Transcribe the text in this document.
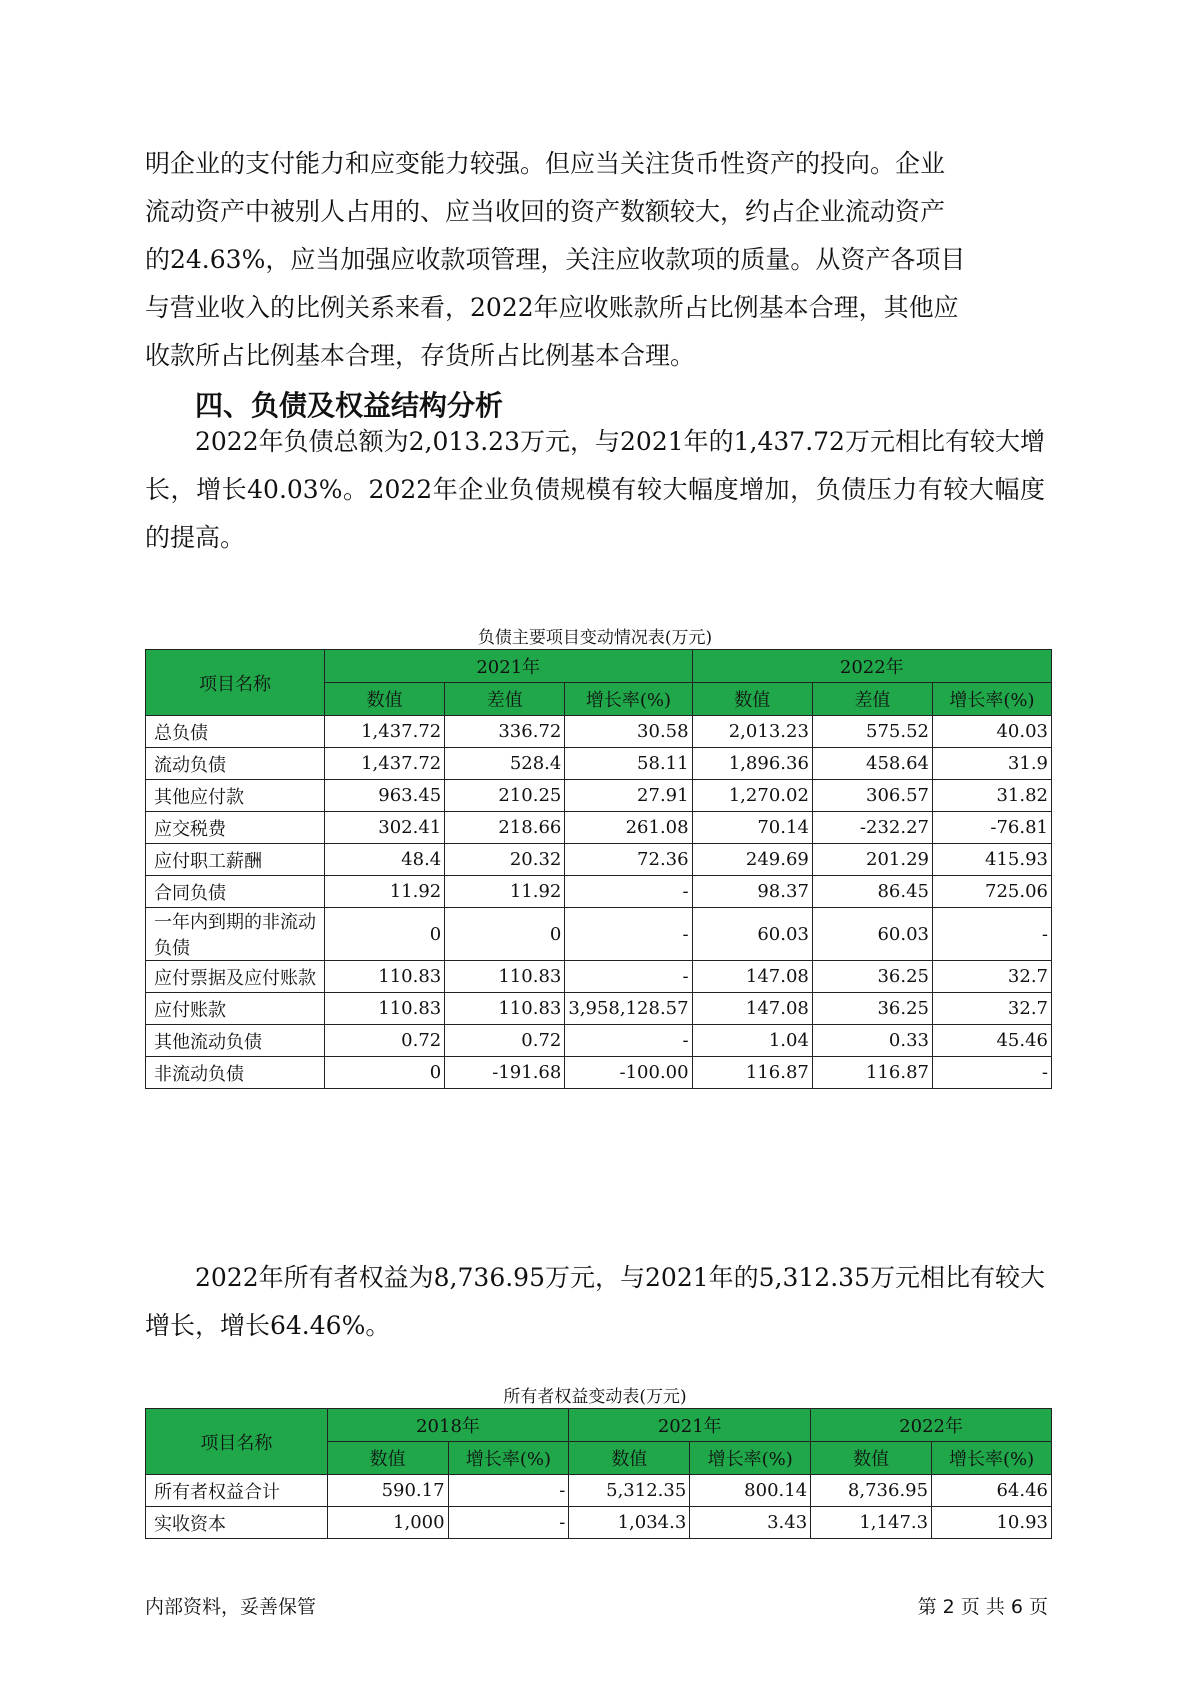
明企业的支付能力和应变能力较强。但应当关注货币性资产的投向。企业

流动资产中被别人占用的、应当收回的资产数额较大，约占企业流动资产

的24.63%，应当加强应收款项管理，关注应收款项的质量。从资产各项目

与营业收入的比例关系来看，2022年应收账款所占比例基本合理，其他应

收款所占比例基本合理，存货所占比例基本合理。

四、负债及权益结构分析

2022年负债总额为2,013.23万元，与2021年的1,437.72万元相比有较大增长，增长40.03%。2022年企业负债规模有较大幅度增加，负债压力有较大幅度的提高。

负债主要项目变动情况表(万元)
项目名称	2021年			2022年		
	数值	差值	增长率(%)	数值	差值	增长率(%)
总负债	1,437.72	336.72	30.58	2,013.23	575.52	40.03
流动负债	1,437.72	528.4	58.11	1,896.36	458.64	31.9
其他应付款	963.45	210.25	27.91	1,270.02	306.57	31.82
应交税费	302.41	218.66	261.08	70.14	-232.27	-76.81
应付职工薪酬	48.4	20.32	72.36	249.69	201.29	415.93
合同负债	11.92	11.92	-	98.37	86.45	725.06
一年内到期的非流动负债	0	0	-	60.03	60.03	-
应付票据及应付账款	110.83	110.83	-	147.08	36.25	32.7
应付账款	110.83	110.83	3,958,128.57	147.08	36.25	32.7
其他流动负债	0.72	0.72	-	1.04	0.33	45.46
非流动负债	0	-191.68	-100.00	116.87	116.87	-

2022年所有者权益为8,736.95万元，与2021年的5,312.35万元相比有较大增长，增长64.46%。

所有者权益变动表(万元)
项目名称	2018年		2021年		2022年	
	数值	增长率(%)	数值	增长率(%)	数值	增长率(%)
所有者权益合计	590.17	-	5,312.35	800.14	8,736.95	64.46
实收资本	1,000	-	1,034.3	3.43	1,147.3	10.93
内部资料，妥善保管	第 2 页 共 6 页
